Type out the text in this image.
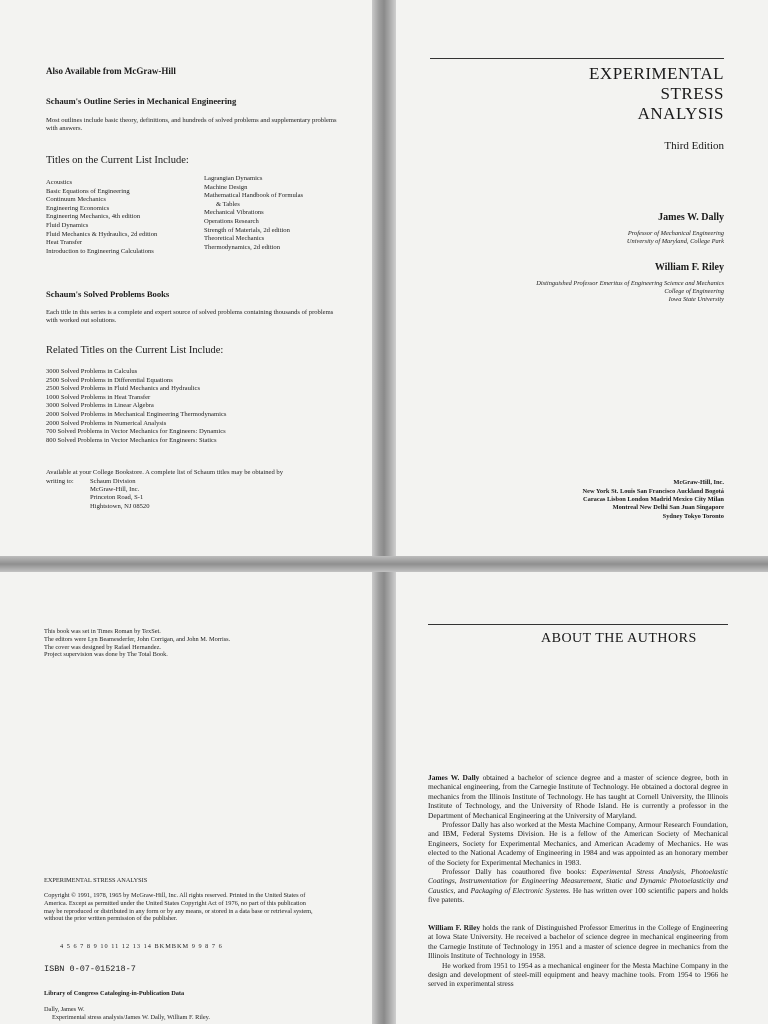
Also Available from McGraw-Hill

Schaum's Outline Series in Mechanical Engineering

Most outlines include basic theory, definitions, and hundreds of solved problems and supplementary problems with answers.

Titles on the Current List Include:

Acoustics
Basic Equations of Engineering
Continuum Mechanics
Engineering Economics
Engineering Mechanics, 4th edition
Fluid Dynamics
Fluid Mechanics & Hydraulics, 2d edition
Heat Transfer
Introduction to Engineering Calculations
Lagrangian Dynamics
Machine Design
Mathematical Handbook of Formulas
& Tables
Mechanical Vibrations
Operations Research
Strength of Materials, 2d edition
Theoretical Mechanics
Thermodynamics, 2d edition

Schaum's Solved Problems Books

Each title in this series is a complete and expert source of solved problems containing thousands of problems with worked out solutions.

Related Titles on the Current List Include:

3000 Solved Problems in Calculus
2500 Solved Problems in Differential Equations
2500 Solved Problems in Fluid Mechanics and Hydraulics
1000 Solved Problems in Heat Transfer
3000 Solved Problems in Linear Algebra
2000 Solved Problems in Mechanical Engineering Thermodynamics
2000 Solved Problems in Numerical Analysis
700 Solved Problems in Vector Mechanics for Engineers: Dynamics
800 Solved Problems in Vector Mechanics for Engineers: Statics

Available at your College Bookstore. A complete list of Schaum titles may be obtained by

writing to: Schaum Division
McGraw-Hill, Inc.
Princeton Road, S-1
Hightstown, NJ 08520
EXPERIMENTAL
STRESS
ANALYSIS

Third Edition

James W. Dally

Professor of Mechanical Engineering
University of Maryland, College Park

William F. Riley

Distinguished Professor Emeritus of Engineering Science and Mechanics
College of Engineering
Iowa State University

McGraw-Hill, Inc.

New York St. Louis San Francisco Auckland Bogotá
Caracas Lisbon London Madrid Mexico City Milan
Montreal New Delhi San Juan Singapore
Sydney Tokyo Toronto
This book was set in Times Roman by TexSet.
The editors were Lyn Beamesderfer, John Corrigan, and John M. Morriss.
The cover was designed by Rafael Hernandez.
Project supervision was done by The Total Book.

EXPERIMENTAL STRESS ANALYSIS

Copyright © 1991, 1978, 1965 by McGraw-Hill, Inc. All rights reserved. Printed in the United States of America. Except as permitted under the United States Copyright Act of 1976, no part of this publication may be reproduced or distributed in any form or by any means, or stored in a data base or retrieval system, without the prior written permission of the publisher.

4 5 6 7 8 9 10 11 12 13 14 BKMBKM 9 9 8 7 6

ISBN 0-07-015218-7

Library of Congress Cataloging-in-Publication Data

Dally, James W.
Experimental stress analysis/James W. Dally, William F. Riley.

ABOUT THE AUTHORS

James W. Dally obtained a bachelor of science degree and a master of science degree, both in mechanical engineering, from the Carnegie Institute of Technology. He obtained a doctoral degree in mechanics from the Illinois Institute of Technology. He has taught at Cornell University, the Illinois Institute of Technology, and the University of Rhode Island. He is currently a professor in the Department of Mechanical Engineering at the University of Maryland.

Professor Dally has also worked at the Mesta Machine Company, Armour Research Foundation, and IBM, Federal Systems Division. He is a fellow of the American Society of Mechanical Engineers, Society for Experimental Mechanics, and American Academy of Mechanics. He was elected to the National Academy of Engineering in 1984 and was appointed as an honorary member of the Society for Experimental Mechanics in 1983.

Professor Dally has coauthored five books: Experimental Stress Analysis, Photoelastic Coatings, Instrumentation for Engineering Measurement, Static and Dynamic Photoelasticity and Caustics, and Packaging of Electronic Systems. He has written over 100 scientific papers and holds five patents.

William F. Riley holds the rank of Distinguished Professor Emeritus in the College of Engineering at Iowa State University. He received a bachelor of science degree in mechanical engineering from the Carnegie Institute of Technology in 1951 and a master of science degree in mechanics from the Illinois Institute of Technology in 1958.

He worked from 1951 to 1954 as a mechanical engineer for the Mesta Machine Company in the design and development of steel-mill equipment and heavy machine tools. From 1954 to 1966 he served in experimental stress
